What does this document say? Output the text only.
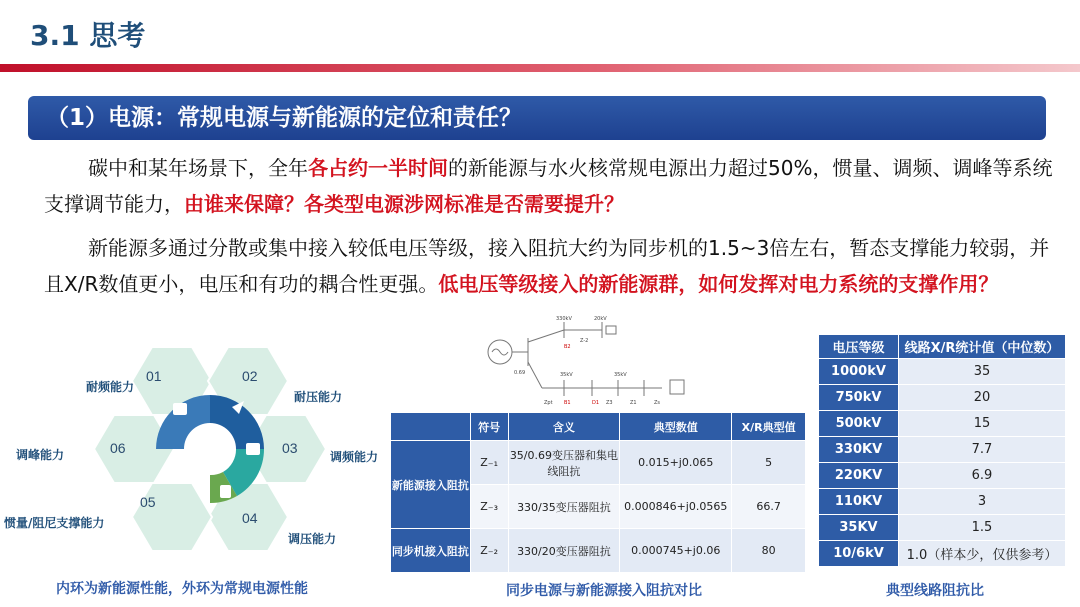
3.1 思考
（1）电源：常规电源与新能源的定位和责任？
碳中和某年场景下，全年各占约一半时间的新能源与水火核常规电源出力超过50%，惯量、调频、调峰等系统支撑调节能力，由谁来保障？各类型电源涉网标准是否需要提升？
新能源多通过分散或集中接入较低电压等级，接入阻抗大约为同步机的1.5~3倍左右，暂态支撑能力较弱，并且X/R数值更小，电压和有功的耦合性更强。低电压等级接入的新能源群，如何发挥对电力系统的支撑作用？
01	02
03
04
05
06
耐频能力
耐压能力
调频能力
调压能力
惯量/阻尼支撑能力
调峰能力
内环为新能源性能，外环为常规电源性能
330kV	20kV
Z-2
B2
0.69	35kV	35kV
Zpt B1	D1 Z3	Z1	Zs
	符号	含义	典型数值	X/R典型值
新能源接入阻抗	Z₋₁	35/0.69变压器和集电线阻抗	0.015+j0.065	5
	Z₋₃	330/35变压器阻抗	0.000846+j0.0565	66.7
同步机接入阻抗	Z₋₂	330/20变压器阻抗	0.000745+j0.06	80
同步电源与新能源接入阻抗对比
电压等级	线路X/R统计值（中位数）
1000kV	35
750kV	20
500kV	15
330KV	7.7
220KV	6.9
110KV	3
35KV	1.5
10/6kV	1.0（样本少，仅供参考）
典型线路阻抗比
